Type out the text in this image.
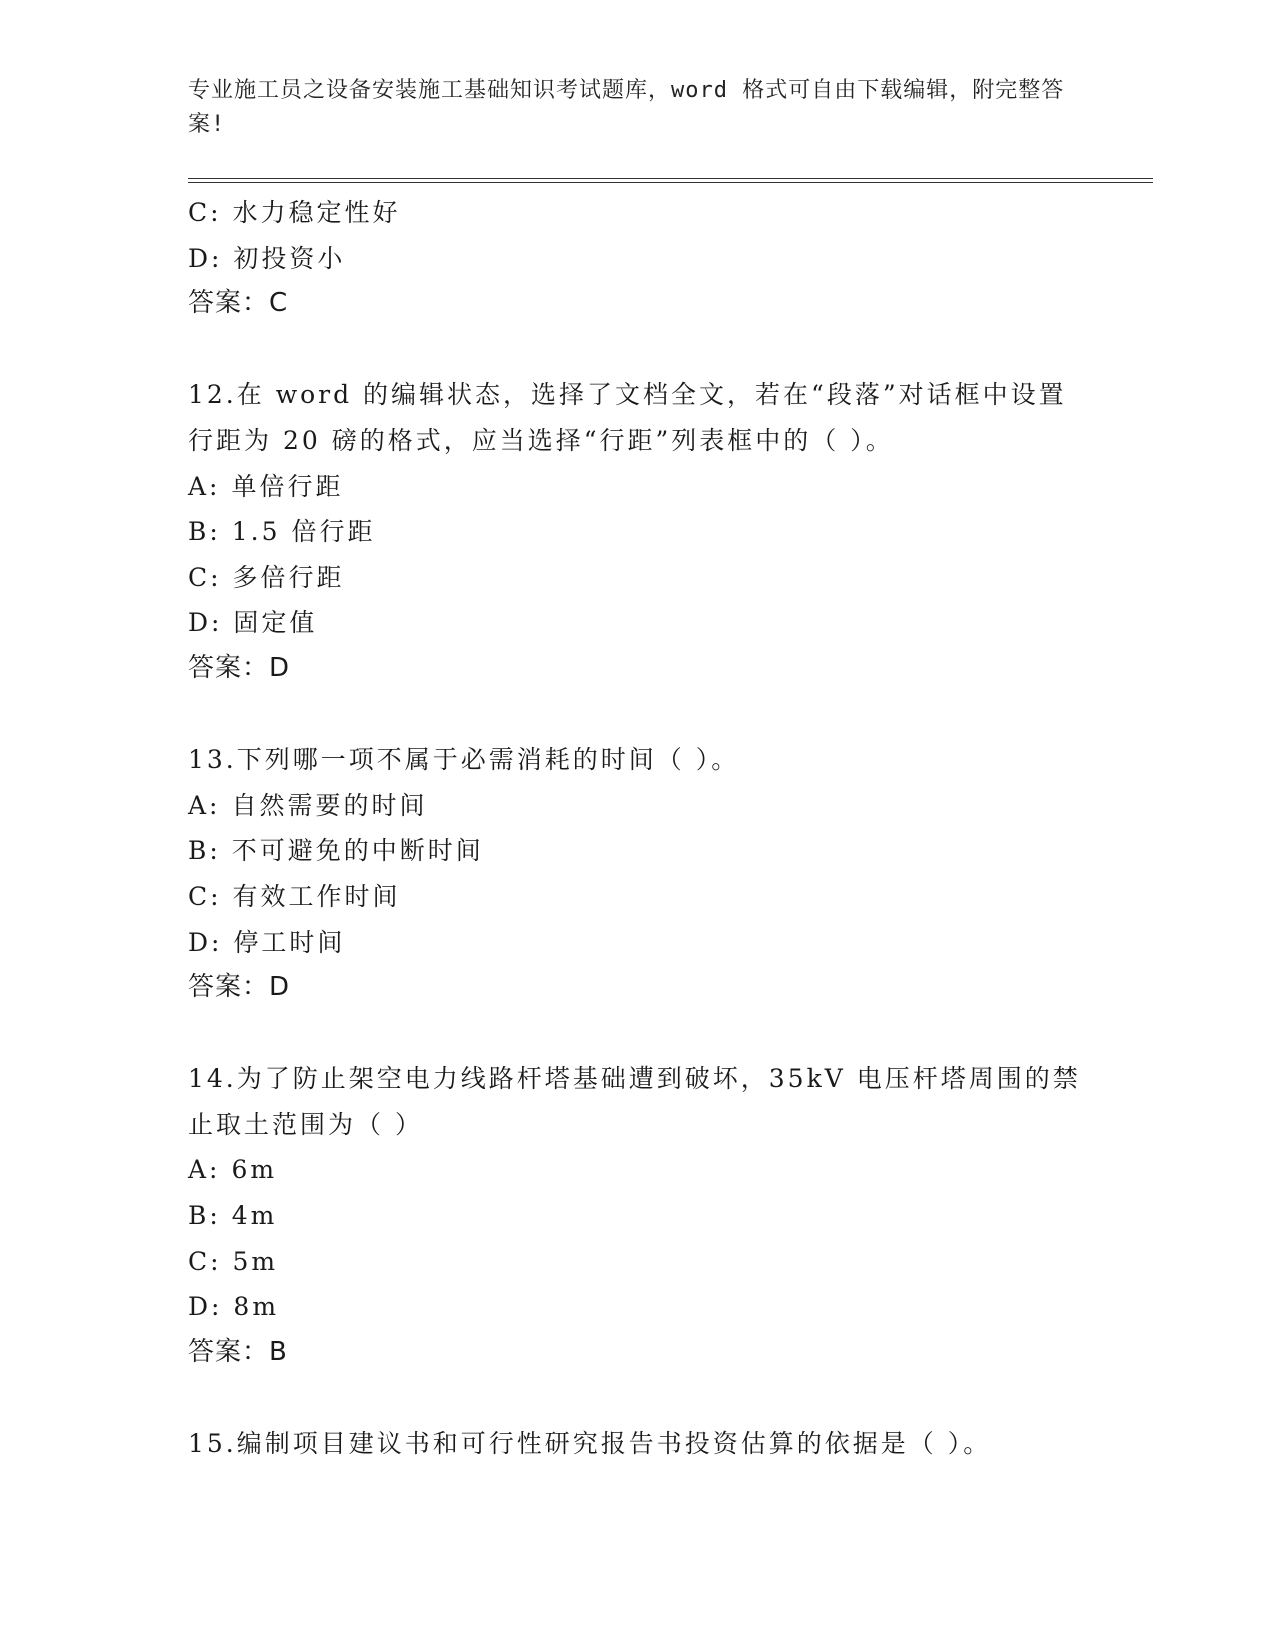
专业施工员之设备安装施工基础知识考试题库，word 格式可自由下载编辑，附完整答案!
C: 水力稳定性好
D: 初投资小
答案：C
12.在 word 的编辑状态，选择了文档全文，若在“段落”对话框中设置行距为 20 磅的格式，应当选择“行距”列表框中的（ ）。
A: 单倍行距
B: 1.5 倍行距
C: 多倍行距
D: 固定值
答案：D
13.下列哪一项不属于必需消耗的时间（ ）。
A: 自然需要的时间
B: 不可避免的中断时间
C: 有效工作时间
D: 停工时间
答案：D
14.为了防止架空电力线路杆塔基础遭到破坏，35kV 电压杆塔周围的禁止取土范围为（ ）
A: 6m
B: 4m
C: 5m
D: 8m
答案：B
15.编制项目建议书和可行性研究报告书投资估算的依据是（ ）。
